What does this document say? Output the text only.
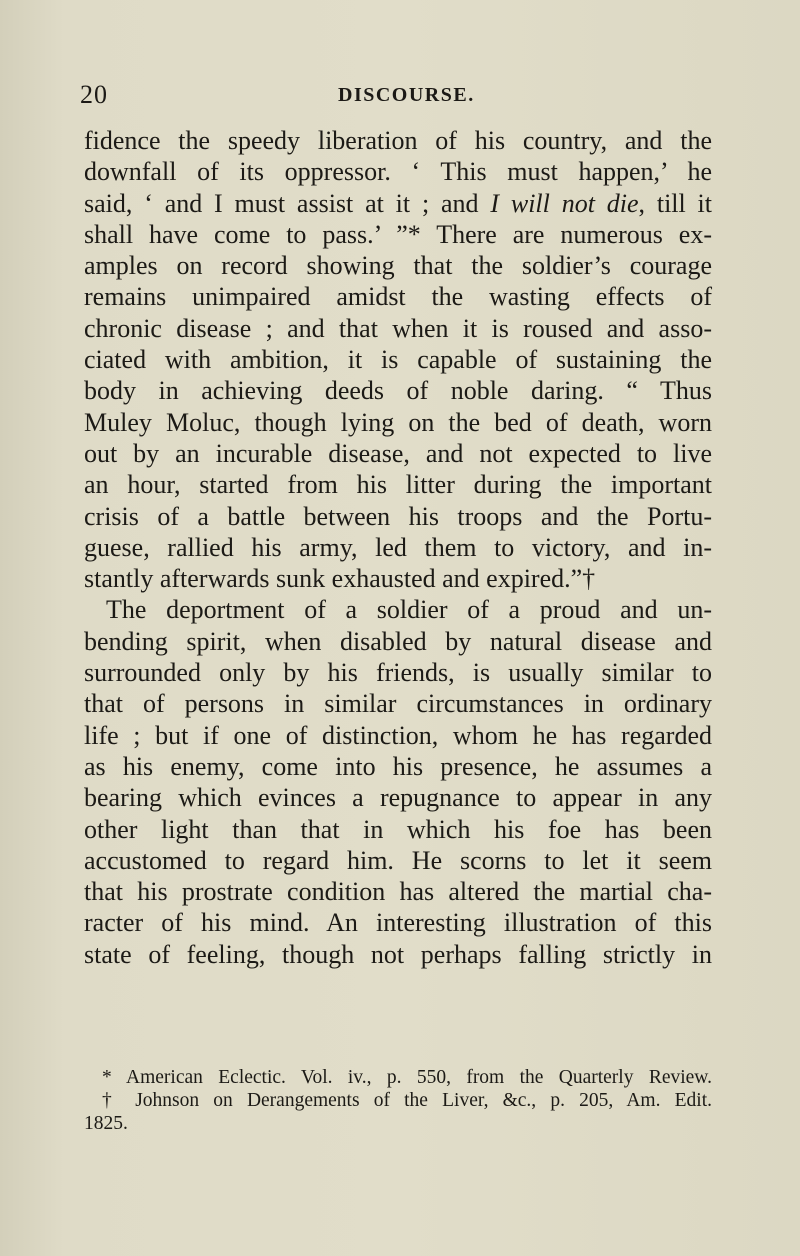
20	DISCOURSE.
fidence the speedy liberation of his country, and the
downfall of its oppressor. ‘ This must happen,’ he
said, ‘ and I must assist at it ; and I will not die, till it
shall have come to pass.’ ”* There are numerous ex-
amples on record showing that the soldier’s courage
remains unimpaired amidst the wasting effects of
chronic disease ; and that when it is roused and asso-
ciated with ambition, it is capable of sustaining the
body in achieving deeds of noble daring. “ Thus
Muley Moluc, though lying on the bed of death, worn
out by an incurable disease, and not expected to live
an hour, started from his litter during the important
crisis of a battle between his troops and the Portu-
guese, rallied his army, led them to victory, and in-
stantly afterwards sunk exhausted and expired.”†
The deportment of a soldier of a proud and un-
bending spirit, when disabled by natural disease and
surrounded only by his friends, is usually similar to
that of persons in similar circumstances in ordinary
life ; but if one of distinction, whom he has regarded
as his enemy, come into his presence, he assumes a
bearing which evinces a repugnance to appear in any
other light than that in which his foe has been
accustomed to regard him. He scorns to let it seem
that his prostrate condition has altered the martial cha-
racter of his mind. An interesting illustration of this
state of feeling, though not perhaps falling strictly in
* American Eclectic. Vol. iv., p. 550, from the Quarterly Review.
† Johnson on Derangements of the Liver, &c., p. 205, Am. Edit.
1825.
